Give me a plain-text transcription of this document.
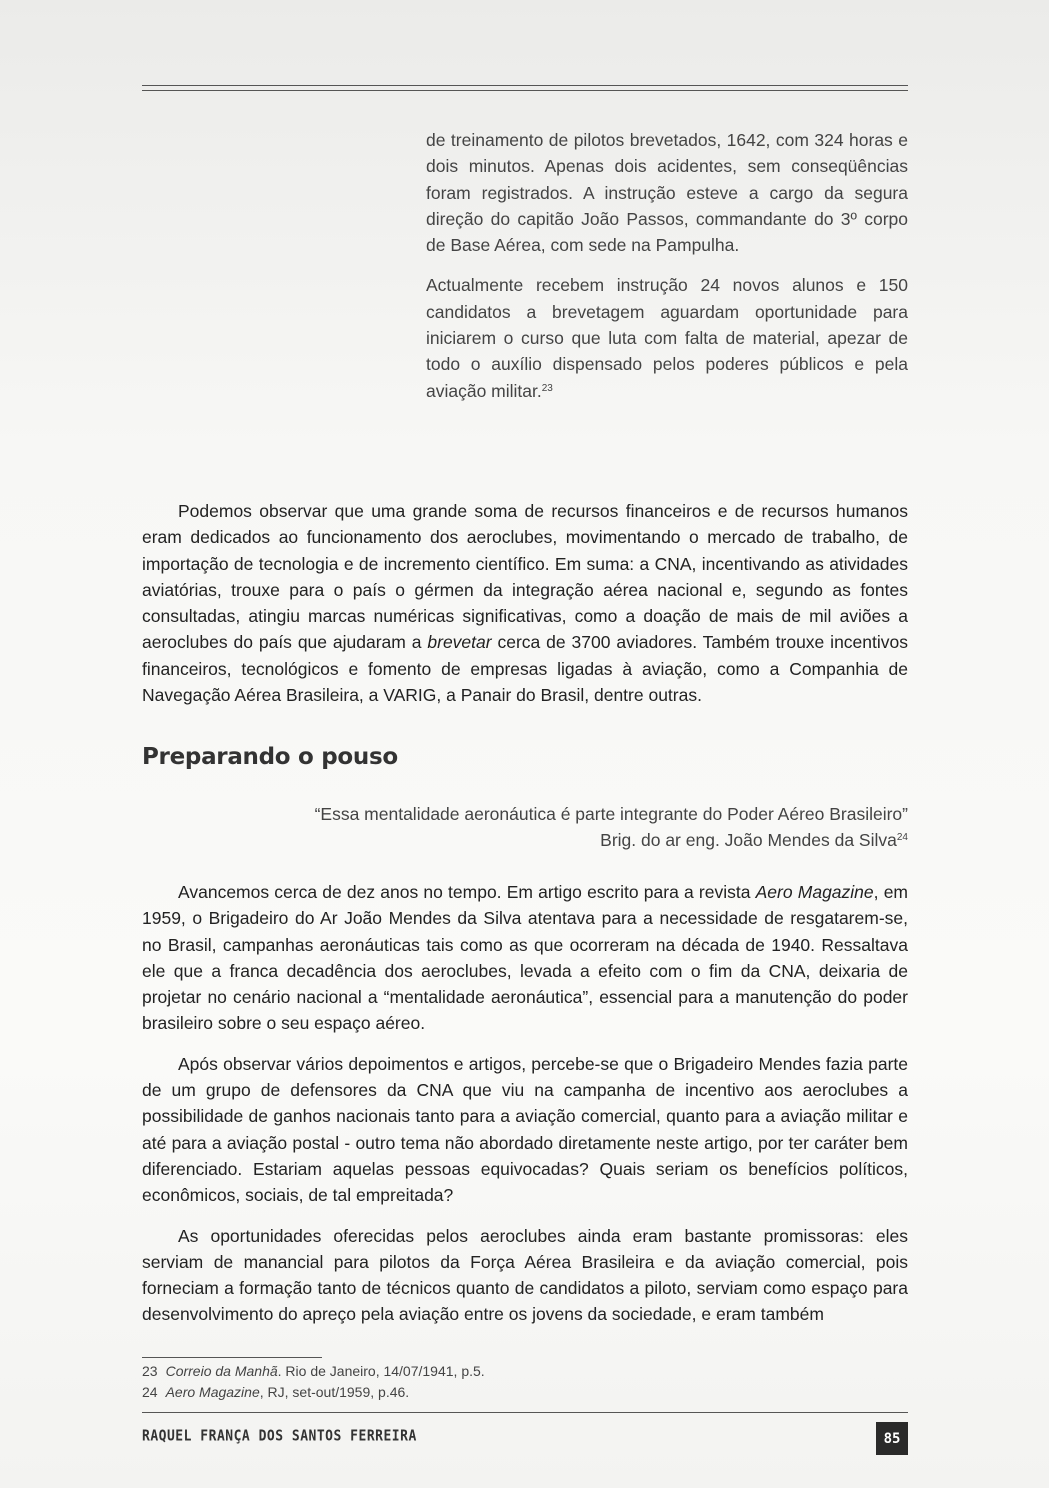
de treinamento de pilotos brevetados, 1642, com 324 horas e dois minutos. Apenas dois acidentes, sem conseqüências foram registrados. A instrução esteve a cargo da segura direção do capitão João Passos, commandante do 3º corpo de Base Aérea, com sede na Pampulha.

Actualmente recebem instrução 24 novos alunos e 150 candidatos a brevetagem aguardam oportunidade para iniciarem o curso que luta com falta de material, apezar de todo o auxílio dispensado pelos poderes públicos e pela aviação militar.$^{23}$

Podemos observar que uma grande soma de recursos financeiros e de recursos humanos eram dedicados ao funcionamento dos aeroclubes, movimentando o mercado de trabalho, de importação de tecnologia e de incremento científico. Em suma: a CNA, incentivando as atividades aviatórias, trouxe para o país o gérmen da integração aérea nacional e, segundo as fontes consultadas, atingiu marcas numéricas significativas, como a doação de mais de mil aviões a aeroclubes do país que ajudaram a brevetar cerca de 3700 aviadores. Também trouxe incentivos financeiros, tecnológicos e fomento de empresas ligadas à aviação, como a Companhia de Navegação Aérea Brasileira, a VARIG, a Panair do Brasil, dentre outras.

Preparando o pouso
“Essa mentalidade aeronáutica é parte integrante do Poder Aéreo Brasileiro”
Brig. do ar eng. João Mendes da Silva$^{24}$

Avancemos cerca de dez anos no tempo. Em artigo escrito para a revista Aero Magazine, em 1959, o Brigadeiro do Ar João Mendes da Silva atentava para a necessidade de resgatarem-se, no Brasil, campanhas aeronáuticas tais como as que ocorreram na década de 1940. Ressaltava ele que a franca decadência dos aeroclubes, levada a efeito com o fim da CNA, deixaria de projetar no cenário nacional a “mentalidade aeronáutica”, essencial para a manutenção do poder brasileiro sobre o seu espaço aéreo.

Após observar vários depoimentos e artigos, percebe-se que o Brigadeiro Mendes fazia parte de um grupo de defensores da CNA que viu na campanha de incentivo aos aeroclubes a possibilidade de ganhos nacionais tanto para a aviação comercial, quanto para a aviação militar e até para a aviação postal - outro tema não abordado diretamente neste artigo, por ter caráter bem diferenciado. Estariam aquelas pessoas equivocadas? Quais seriam os benefícios políticos, econômicos, sociais, de tal empreitada?

As oportunidades oferecidas pelos aeroclubes ainda eram bastante promissoras: eles serviam de manancial para pilotos da Força Aérea Brasileira e da aviação comercial, pois forneciam a formação tanto de técnicos quanto de candidatos a piloto, serviam como espaço para desenvolvimento do apreço pela aviação entre os jovens da sociedade, e eram também

23 Correio da Manhã. Rio de Janeiro, 14/07/1941, p.5.
24 Aero Magazine, RJ, set-out/1959, p.46.
RAQUEL FRANÇA DOS SANTOS FERREIRA	85
